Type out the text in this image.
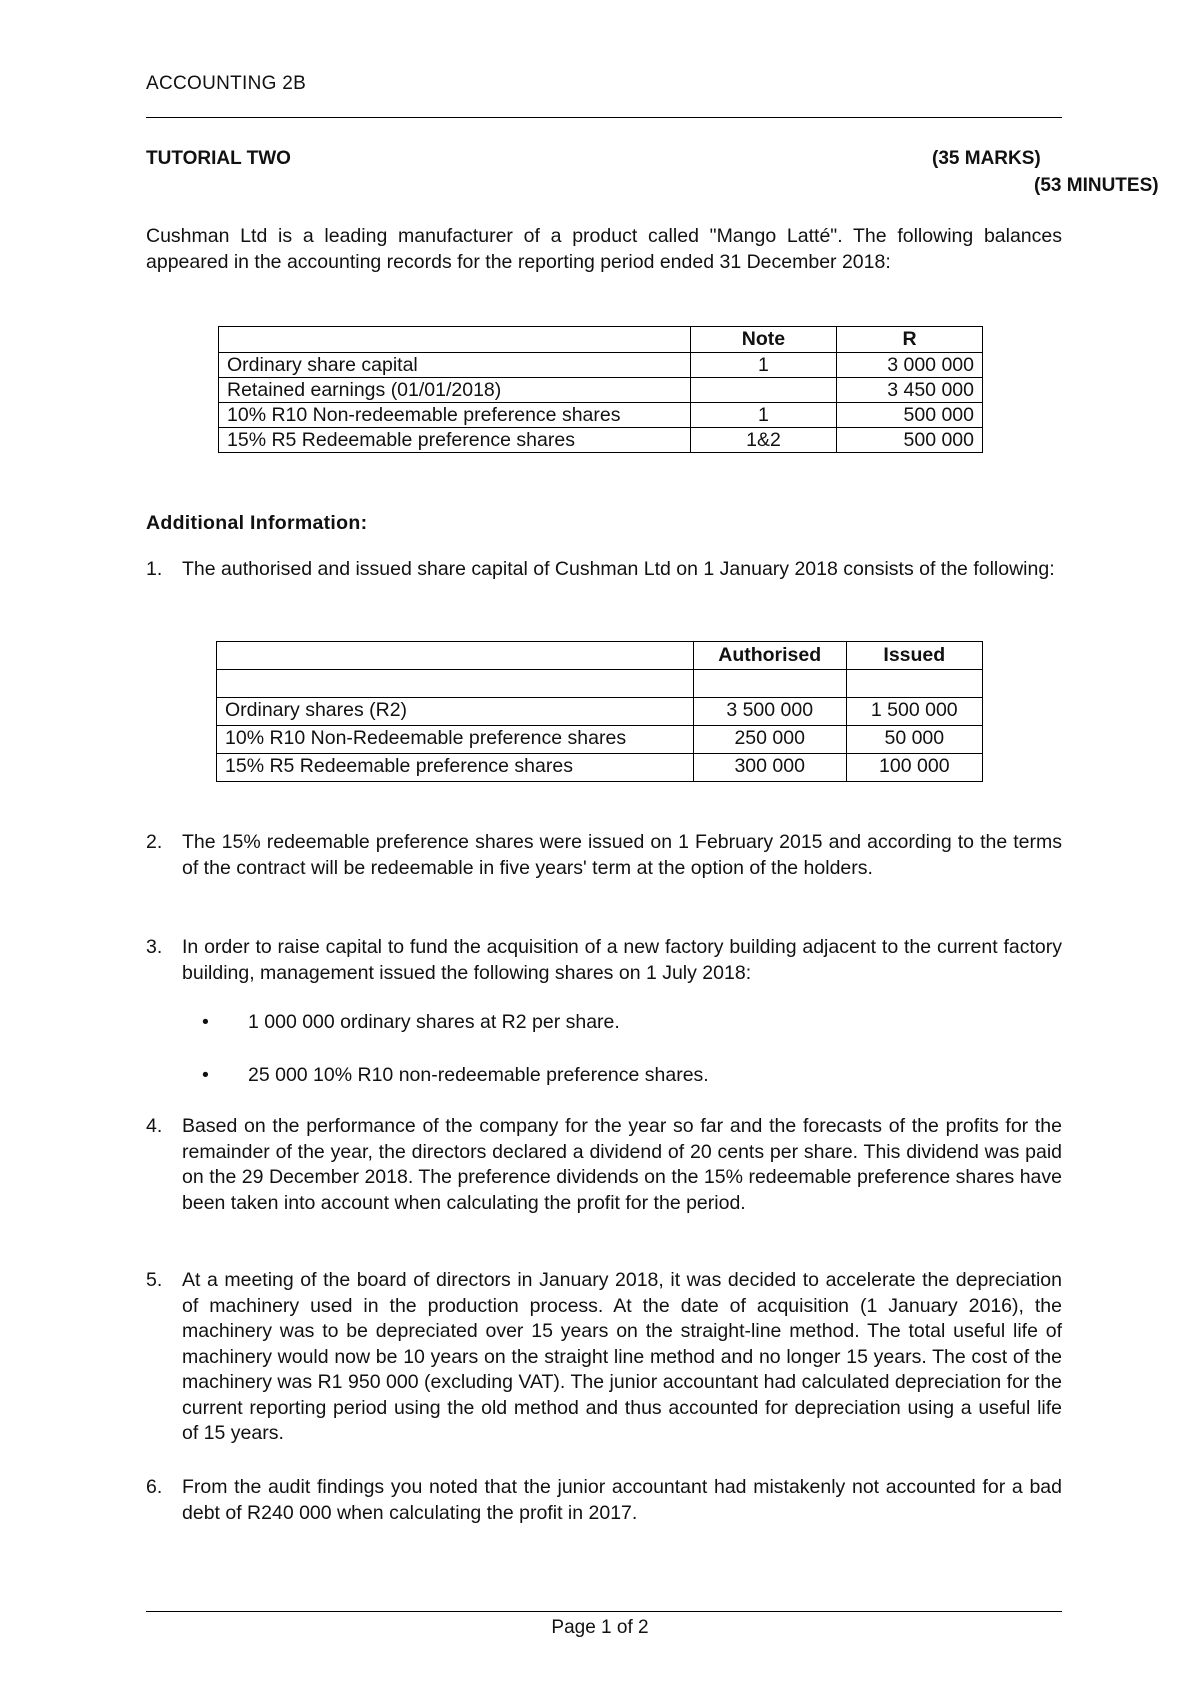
ACCOUNTING 2B
TUTORIAL TWO	(35 MARKS)
(53 MINUTES)
Cushman Ltd is a leading manufacturer of a product called "Mango Latté". The following balances appeared in the accounting records for the reporting period ended 31 December 2018:
	Note	R
Ordinary share capital	1	3 000 000
Retained earnings (01/01/2018)		3 450 000
10% R10 Non-redeemable preference shares	1	500 000
15% R5 Redeemable preference shares	1&2	500 000
Additional Information:
1. The authorised and issued share capital of Cushman Ltd on 1 January 2018 consists of the following:
	Authorised	Issued

Ordinary shares (R2)	3 500 000	1 500 000
10% R10 Non-Redeemable preference shares	250 000	50 000
15% R5 Redeemable preference shares	300 000	100 000
2. The 15% redeemable preference shares were issued on 1 February 2015 and according to the terms of the contract will be redeemable in five years' term at the option of the holders.
3. In order to raise capital to fund the acquisition of a new factory building adjacent to the current factory building, management issued the following shares on 1 July 2018:
• 1 000 000 ordinary shares at R2 per share.
• 25 000 10% R10 non-redeemable preference shares.
4. Based on the performance of the company for the year so far and the forecasts of the profits for the remainder of the year, the directors declared a dividend of 20 cents per share. This dividend was paid on the 29 December 2018. The preference dividends on the 15% redeemable preference shares have been taken into account when calculating the profit for the period.
5. At a meeting of the board of directors in January 2018, it was decided to accelerate the depreciation of machinery used in the production process. At the date of acquisition (1 January 2016), the machinery was to be depreciated over 15 years on the straight-line method. The total useful life of machinery would now be 10 years on the straight line method and no longer 15 years. The cost of the machinery was R1 950 000 (excluding VAT). The junior accountant had calculated depreciation for the current reporting period using the old method and thus accounted for depreciation using a useful life of 15 years.
6. From the audit findings you noted that the junior accountant had mistakenly not accounted for a bad debt of R240 000 when calculating the profit in 2017.
Page 1 of 2
